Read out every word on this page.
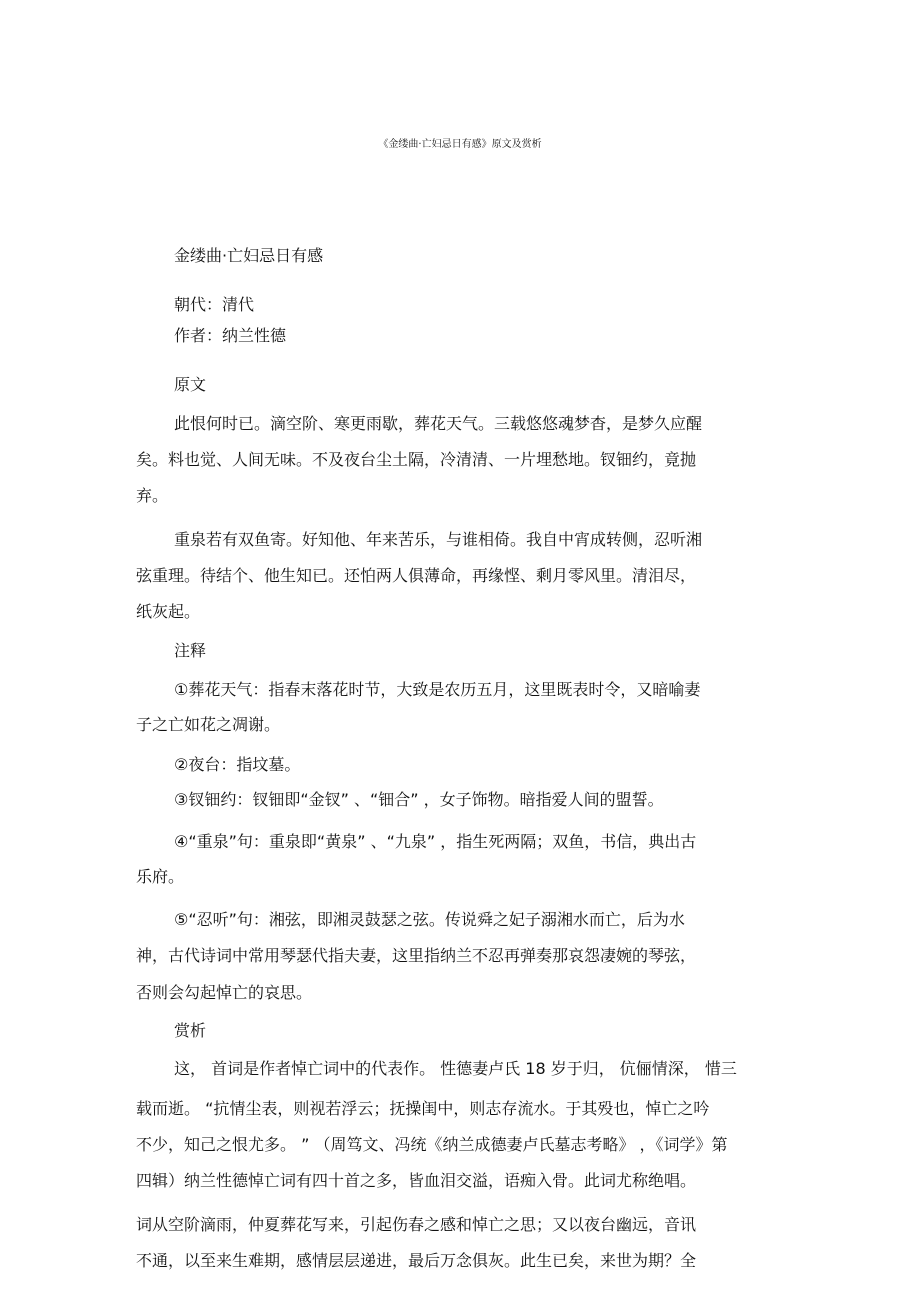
《金缕曲·亡妇忌日有感》原文及赏析
金缕曲·亡妇忌日有感
朝代：清代
作者：纳兰性德
原文
此恨何时已。滴空阶、寒更雨歇，葬花天气。三载悠悠魂梦杳，是梦久应醒
矣。料也觉、人间无味。不及夜台尘土隔，冷清清、一片埋愁地。钗钿约，竟抛
弃。
重泉若有双鱼寄。好知他、年来苦乐，与谁相倚。我自中宵成转侧，忍听湘
弦重理。待结个、他生知已。还怕两人俱薄命，再缘悭、剩月零风里。清泪尽，
纸灰起。
注释
①葬花天气：指春末落花时节，大致是农历五月，这里既表时令，又暗喻妻
子之亡如花之凋谢。
②夜台：指坟墓。
③钗钿约：钗钿即“金钗” 、“钿合” ，女子饰物。暗指爱人间的盟誓。
④“重泉”句：重泉即“黄泉” 、“九泉” ，指生死两隔；双鱼，书信，典出古
乐府。
⑤“忍听”句：湘弦，即湘灵鼓瑟之弦。传说舜之妃子溺湘水而亡，后为水
神，古代诗词中常用琴瑟代指夫妻，这里指纳兰不忍再弹奏那哀怨凄婉的琴弦，
否则会勾起悼亡的哀思。
赏析
这， 首词是作者悼亡词中的代表作。 性德妻卢氏 18 岁于归， 伉俪情深， 惜三
载而逝。 “抗情尘表，则视若浮云；抚操闺中，则志存流水。于其殁也，悼亡之吟
不少，知己之恨尤多。 ” （周笃文、冯统《纳兰成德妻卢氏墓志考略》 ，《词学》第
四辑）纳兰性德悼亡词有四十首之多，皆血泪交溢，语痴入骨。此词尤称绝唱。
词从空阶滴雨，仲夏葬花写来，引起伤春之感和悼亡之思；又以夜台幽远，音讯
不通，以至来生难期，感情层层递进，最后万念俱灰。此生已矣，来世为期？全
